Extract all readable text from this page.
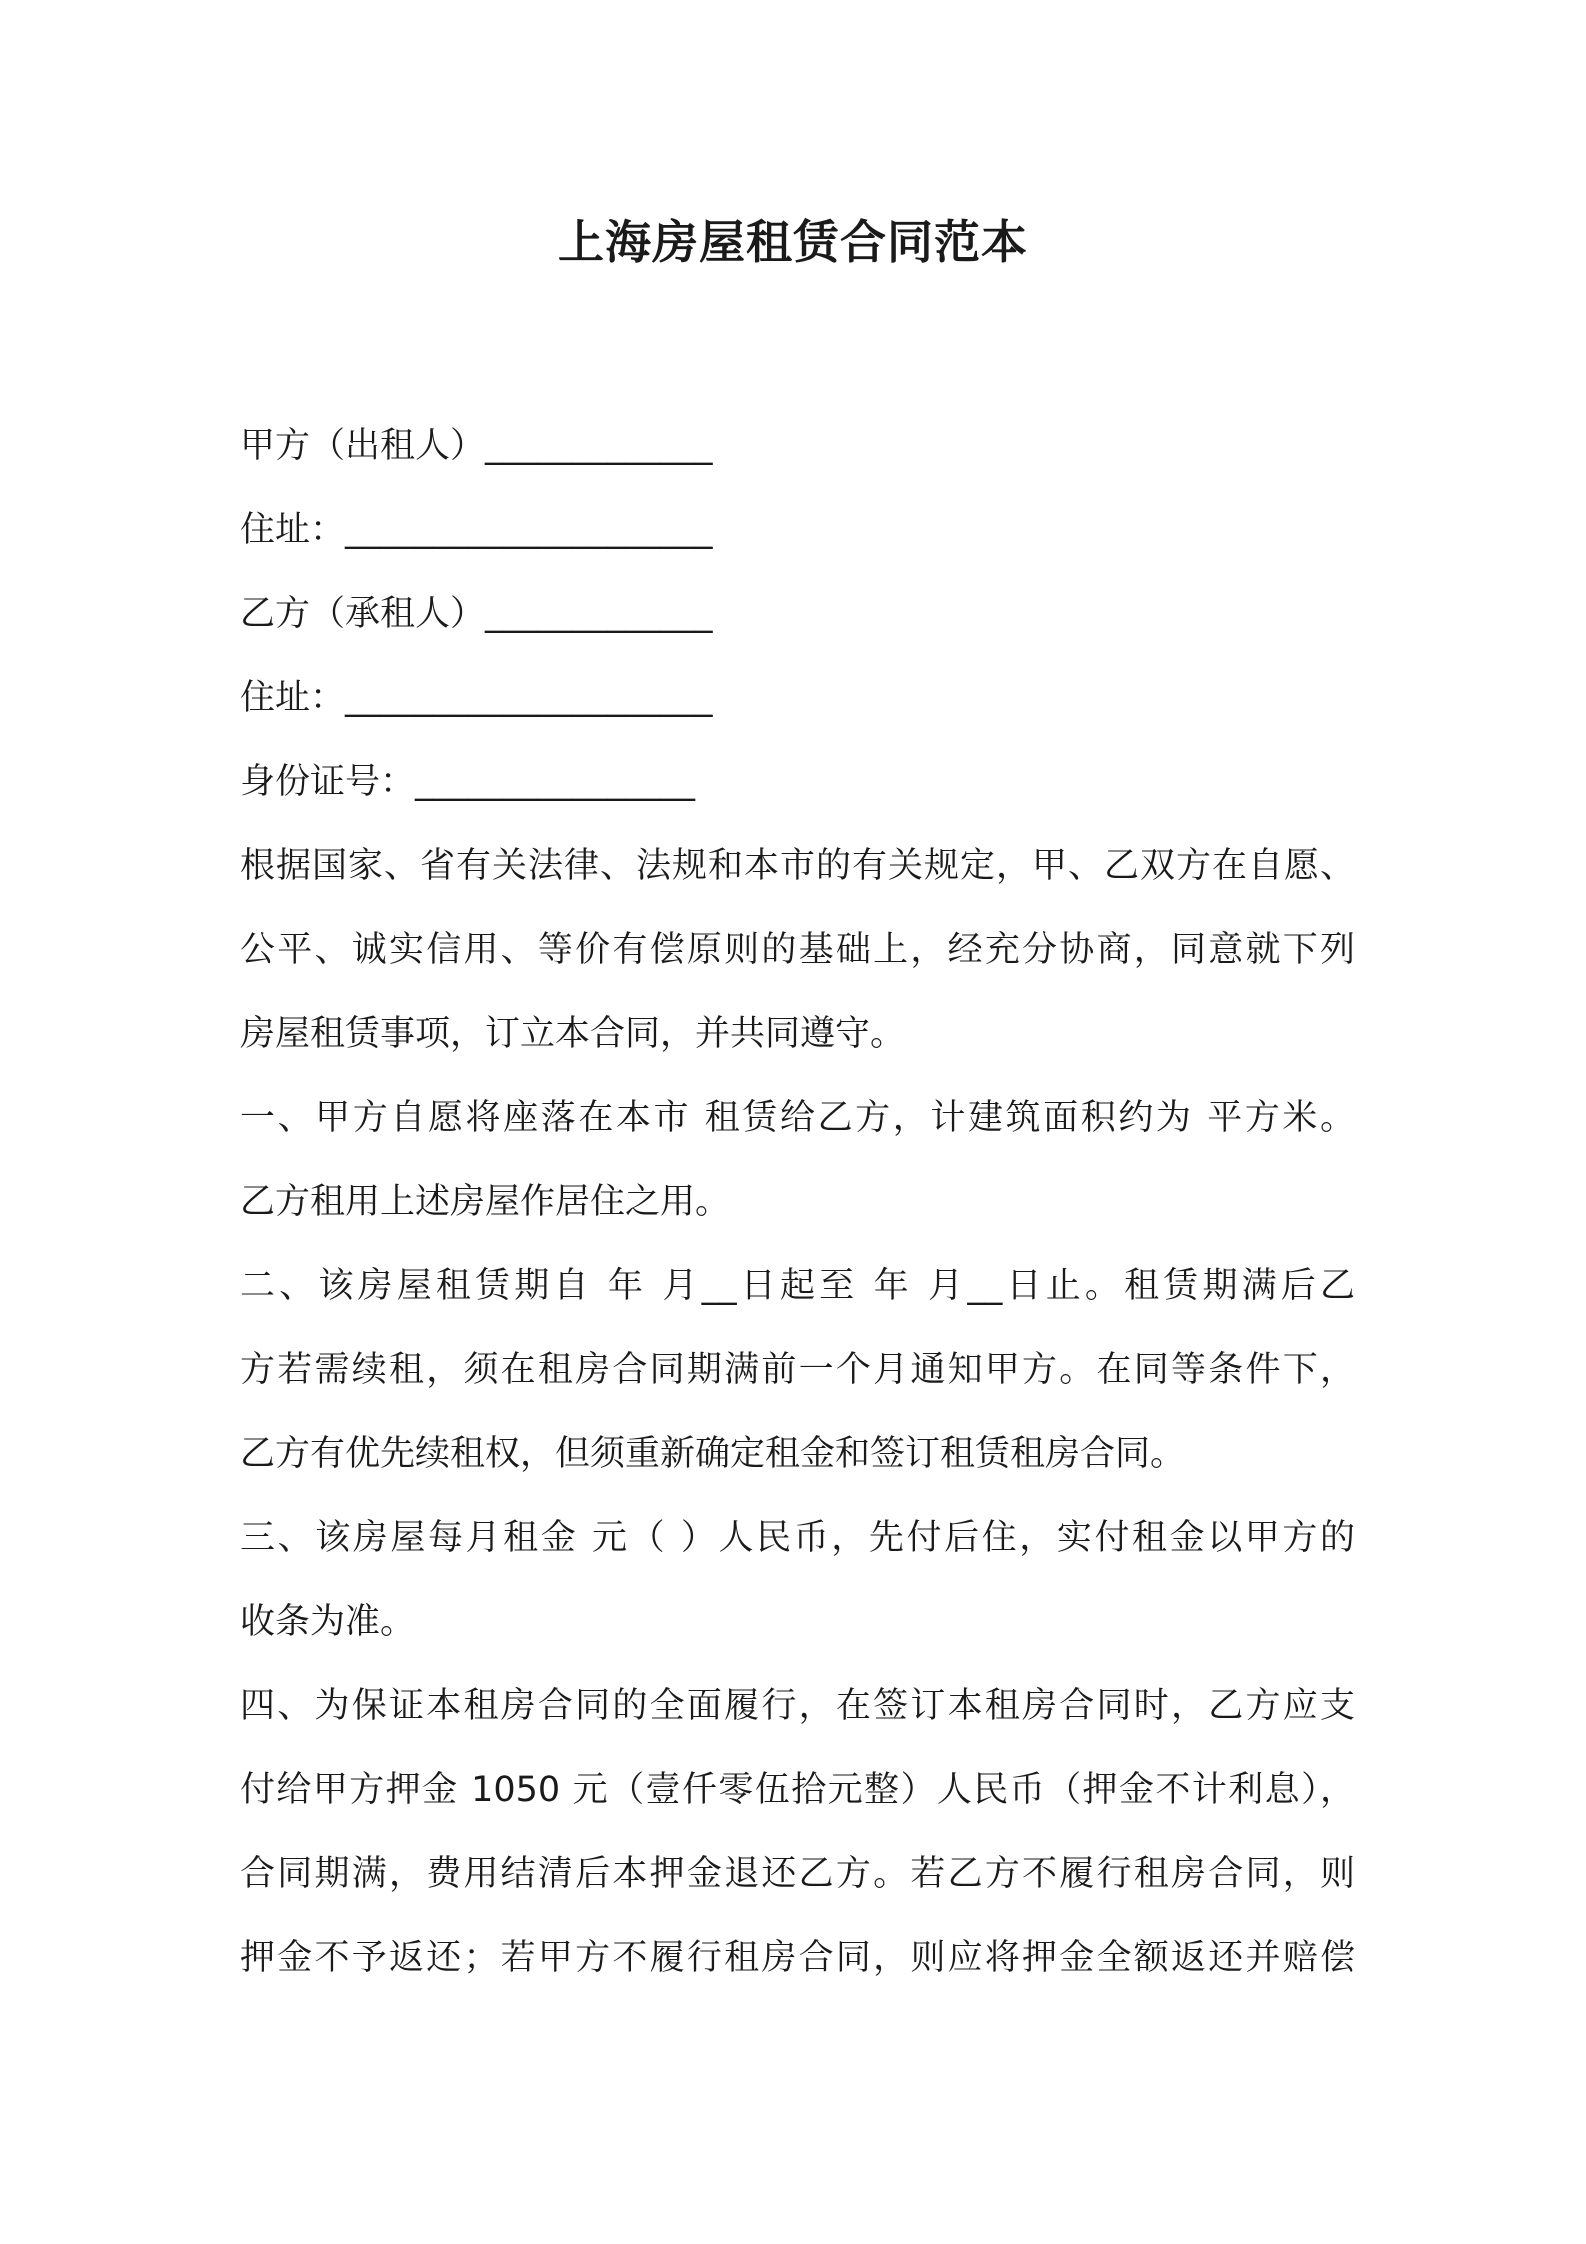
上海房屋租赁合同范本
甲方（出租人）_____________
住址：_____________________
乙方（承租人）_____________
住址：_____________________
身份证号：________________
根据国家、省有关法律、法规和本市的有关规定，甲、乙双方在自愿、
公平、诚实信用、等价有偿原则的基础上，经充分协商，同意就下列
房屋租赁事项，订立本合同，并共同遵守。
一、甲方自愿将座落在本市 租赁给乙方，计建筑面积约为 平方米。
乙方租用上述房屋作居住之用。
二、该房屋租赁期自 年 月__日起至 年 月__日止。租赁期满后乙
方若需续租，须在租房合同期满前一个月通知甲方。在同等条件下，
乙方有优先续租权，但须重新确定租金和签订租赁租房合同。
三、该房屋每月租金 元（ ）人民币，先付后住，实付租金以甲方的
收条为准。
四、为保证本租房合同的全面履行，在签订本租房合同时，乙方应支
付给甲方押金 1050 元（壹仟零伍拾元整）人民币（押金不计利息），
合同期满，费用结清后本押金退还乙方。若乙方不履行租房合同，则
押金不予返还；若甲方不履行租房合同，则应将押金全额返还并赔偿
